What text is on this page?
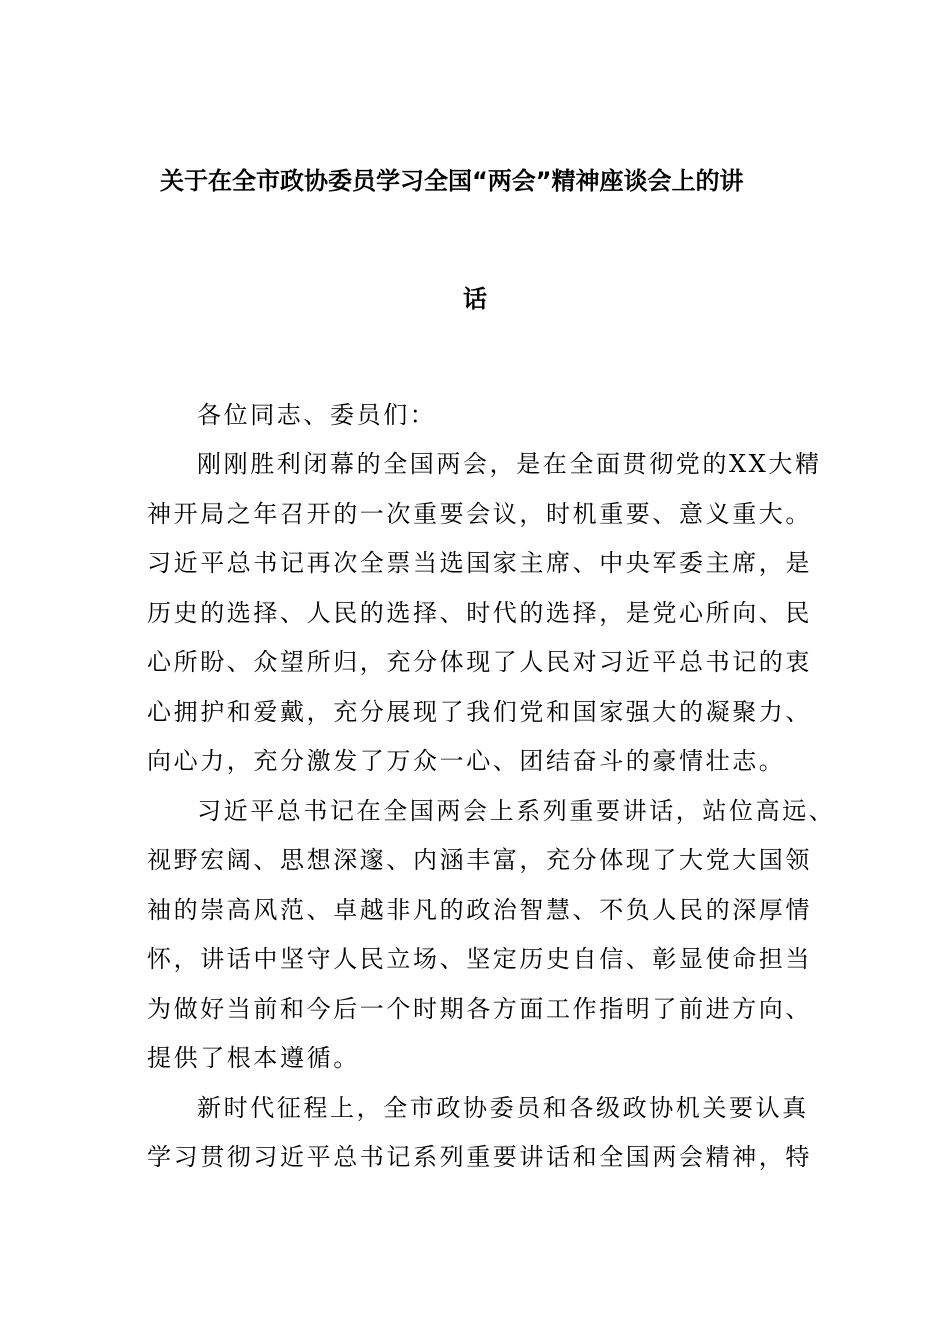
关于在全市政协委员学习全国“两会”精神座谈会上的讲
话
各位同志、委员们：
刚刚胜利闭幕的全国两会，是在全面贯彻党的XX大精
神开局之年召开的一次重要会议，时机重要、意义重大。
习近平总书记再次全票当选国家主席、中央军委主席，是
历史的选择、人民的选择、时代的选择，是党心所向、民
心所盼、众望所归，充分体现了人民对习近平总书记的衷
心拥护和爱戴，充分展现了我们党和国家强大的凝聚力、
向心力，充分激发了万众一心、团结奋斗的豪情壮志。
习近平总书记在全国两会上系列重要讲话，站位高远、
视野宏阔、思想深邃、内涵丰富，充分体现了大党大国领
袖的崇高风范、卓越非凡的政治智慧、不负人民的深厚情
怀，讲话中坚守人民立场、坚定历史自信、彰显使命担当
为做好当前和今后一个时期各方面工作指明了前进方向、
提供了根本遵循。
新时代征程上，全市政协委员和各级政协机关要认真
学习贯彻习近平总书记系列重要讲话和全国两会精神，特
